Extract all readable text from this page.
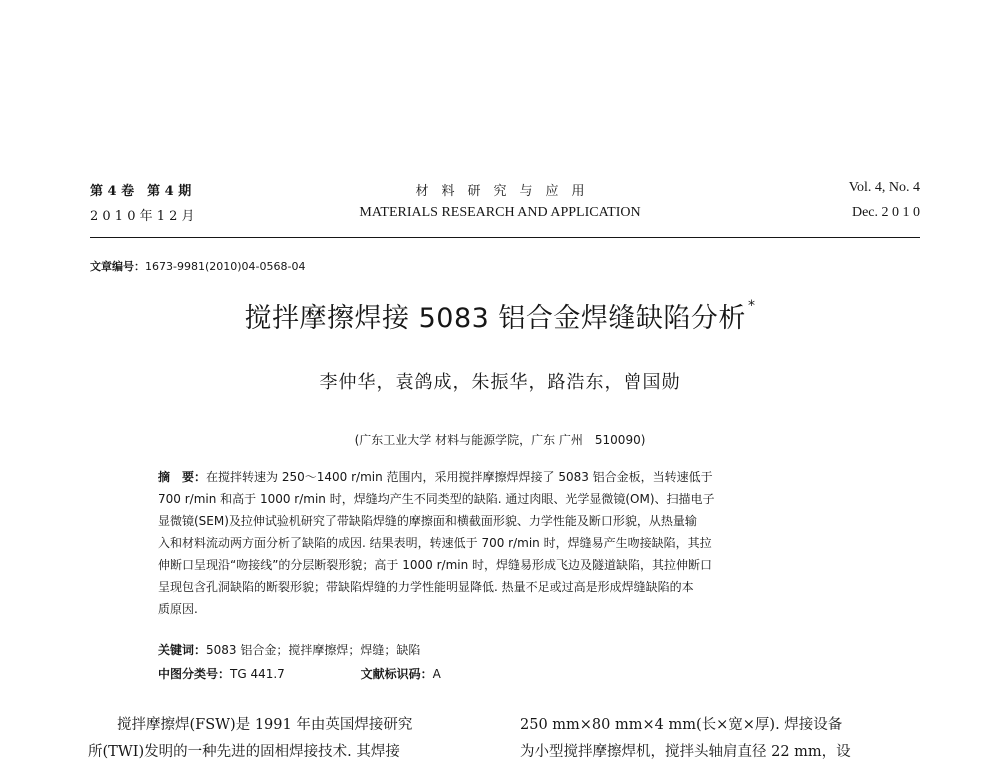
第 4 卷　第 4 期
2 0 1 0 年 1 2 月
材　料　研　究　与　应　用
MATERIALS RESEARCH AND APPLICATION
Vol. 4, No. 4
Dec. 2 0 1 0
文章编号：1673-9981(2010)04-0568-04
搅拌摩擦焊接 5083 铝合金焊缝缺陷分析 *
李仲华，袁鸽成，朱振华，路浩东，曾国勋
(广东工业大学 材料与能源学院，广东 广州　510090)
摘　要：在搅拌转速为 250～1400 r/min 范围内，采用搅拌摩擦焊焊接了 5083 铝合金板，当转速低于
700 r/min 和高于 1000 r/min 时，焊缝均产生不同类型的缺陷. 通过肉眼、光学显微镜(OM)、扫描电子
显微镜(SEM)及拉伸试验机研究了带缺陷焊缝的摩擦面和横截面形貌、力学性能及断口形貌，从热量输
入和材料流动两方面分析了缺陷的成因. 结果表明，转速低于 700 r/min 时，焊缝易产生吻接缺陷，其拉
伸断口呈现沿“吻接线”的分层断裂形貌；高于 1000 r/min 时，焊缝易形成飞边及隧道缺陷，其拉伸断口
呈现包含孔洞缺陷的断裂形貌；带缺陷焊缝的力学性能明显降低. 热量不足或过高是形成焊缝缺陷的本
质原因.
关键词：5083 铝合金；搅拌摩擦焊；焊缝；缺陷
中图分类号：TG 441.7	文献标识码：A
　　搅拌摩擦焊(FSW)是 1991 年由英国焊接研究
所(TWI)发明的一种先进的固相焊接技术. 其焊接
250 mm×80 mm×4 mm(长×宽×厚). 焊接设备
为小型搅拌摩擦焊机，搅拌头轴肩直径 22 mm，设
